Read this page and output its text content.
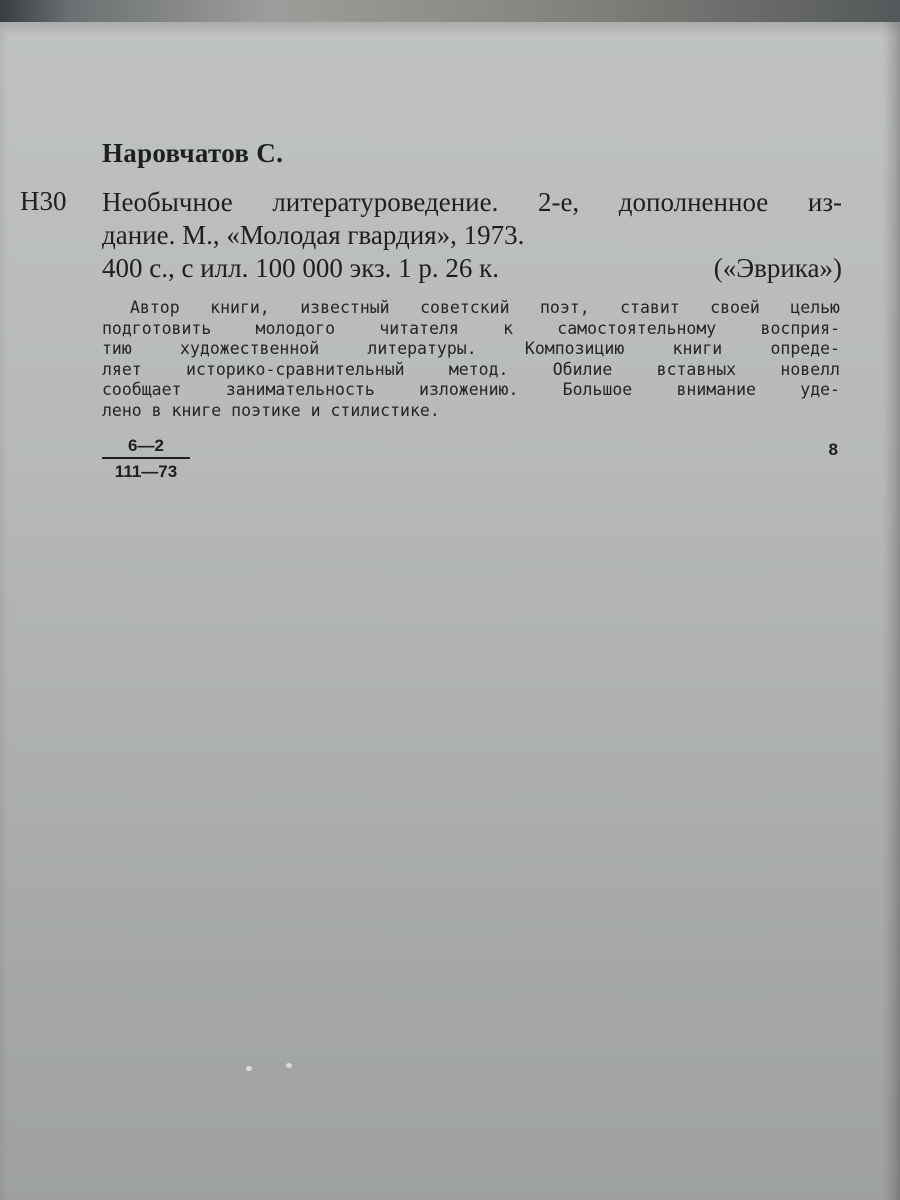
Наровчатов С.
Н30 Необычное литературоведение. 2-е, дополненное из-
дание. М., «Молодая гвардия», 1973.
400 с., с илл. 100 000 экз. 1 р. 26 к.	(«Эврика»)
Автор книги, известный советский поэт, ставит своей целью
подготовить молодого читателя к самостоятельному восприя-
тию художественной литературы. Композицию книги опреде-
ляет историко-сравнительный метод. Обилие вставных новелл
сообщает занимательность изложению. Большое внимание уде-
лено в книге поэтике и стилистике.
6—2
111—73
8
